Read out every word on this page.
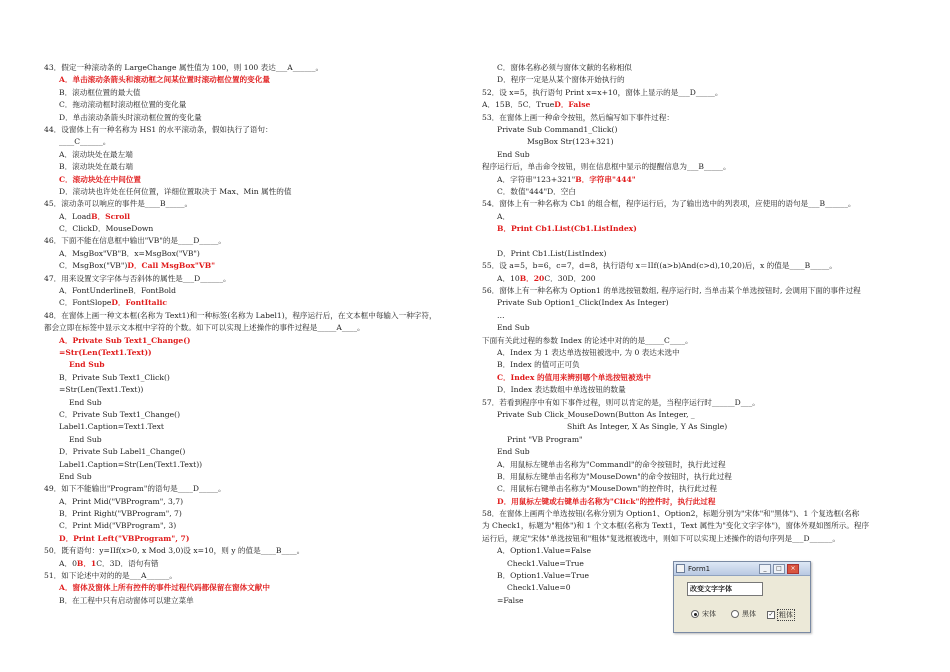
43．假定一种滚动条的 LargeChange 属性值为 100，则 100 表达___A______。
A．单击滚动条箭头和滚动框之间某位置时滚动框位置的变化量
B．滚动框位置的最大值
C．拖动滚动框时滚动框位置的变化量
D．单击滚动条箭头时滚动框位置的变化量
44．设窗体上有一种名称为 HS1 的水平滚动条，假如执行了语句：
____C______。
A．滚动块处在最左端
B．滚动块处在最右端
C．滚动块处在中间位置
D．滚动块也许处在任何位置，详细位置取决于 Max、Min 属性的值
45．滚动条可以响应的事件是____B_____。
A．LoadB．Scroll
C．ClickD．MouseDown
46．下面不能在信息框中输出"VB"的是____D_____。
A．MsgBox"VB"B．x=MsgBox("VB")
C．MsgBox("VB")D．Call MsgBox"VB"
47．用来设置文字字体与否斜体的属性是___D______。
A．FontUnderlineB．FontBold
C．FontSlopeD．FontItalic
48．在窗体上画一种文本框(名称为 Text1)和一种标签(名称为 Label1)，程序运行后，在文本框中每输入一种字符，
都会立即在标签中显示文本框中字符的个数。如下可以实现上述操作的事件过程是_____A____。
A．Private Sub Text1_Change()
=Str(Len(Text1.Text))
End Sub
B．Private Sub Text1_Click()
=Str(Len(Text1.Text))
End Sub
C．Private Sub Text1_Change()
Label1.Caption=Text1.Text
End Sub
D．Private Sub Label1_Change()
Label1.Caption=Str(Len(Text1.Text))
End Sub
49．如下不能输出"Program"的语句是____D_____。
A．Print Mid("VBProgram", 3,7)
B．Print Right("VBProgram", 7)
C．Print Mid("VBProgram", 3)
D．Print Left("VBProgram", 7)
50．既有语句：y=IIf(x>0, x Mod 3,0)设 x=10，则 y 的值是____B____。
A．0B．1C．3D．语句有错
51．如下论述中对的的是___A______。
A．窗体及窗体上所有控件的事件过程代码都保留在窗体文献中
B．在工程中只有启动窗体可以建立菜单
C．窗体名称必须与窗体文献的名称相似
D．程序一定是从某个窗体开始执行的
52．设 x=5，执行语句 Print x=x+10，窗体上显示的是___D_____。
A．15B．5C．TrueD．False
53．在窗体上画一种命令按钮，然后编写如下事件过程：
Private Sub Command1_Click()
MsgBox Str(123+321)
End Sub
程序运行后，单击命令按钮，则在信息框中显示的提醒信息为___B_____。
A．字符串"123+321"B．字符串"444"
C．数值"444"D．空白
54．窗体上有一种名称为 Cb1 的组合框，程序运行后，为了输出选中的列表项，应使用的语句是___B______。
A．
B．Print Cb1.List(Cb1.ListIndex)
D．Print Cb1.List(ListIndex)
55．设 a=5，b=6，c=7，d=8，执行语句 x＝IIf((a>b)And(c>d),10,20)后，x 的值是____B_____。
A．10B．20C．30D．200
56．窗体上有一种名称为 Option1 的单选按钮数组, 程序运行时, 当单击某个单选按钮时, 会调用下面的事件过程
Private Sub Option1_Click(Index As Integer)
…
End Sub
下面有关此过程的参数 Index 的论述中对的的是_____C____。
A．Index 为 1 表达单选按钮被选中, 为 0 表达未选中
B．Index 的值可正可负
C．Index 的值用来辨别哪个单选按钮被选中
D．Index 表达数组中单选按钮的数量
57．若看到程序中有如下事件过程，则可以肯定的是，当程序运行时______D___。
Private Sub Click_MouseDown(Button As Integer, _
Shift As Integer, X As Single, Y As Single)
Print "VB Program"
End Sub
A．用鼠标左键单击名称为"Commandl"的命令按钮时，执行此过程
B．用鼠标左键单击名称为"MouseDown"的命令按钮时，执行此过程
C．用鼠标右键单击名称为"MouseDown"的控件时，执行此过程
D．用鼠标左键或右键单击名称为"Click"的控件时，执行此过程
58．在窗体上画两个单选按钮(名称分别为 Option1、Option2，标题分别为"宋体"和"黑体")、1 个复选框(名称
为 Check1，标题为"粗体")和 1 个文本框(名称为 Text1，Text 属性为"变化文字字体")，窗体外观如图所示。程序
运行后，规定"宋体"单选按钮和"粗体"复选框被选中，则如下可以实现上述操作的语句序列是___D______。
A．Option1.Value=False
Check1.Value=True
B．Option1.Value=True
Check1.Value=0
=False
Form1	_	□	×
改变文字字体
宋体	黑体 ✓ 粗体
